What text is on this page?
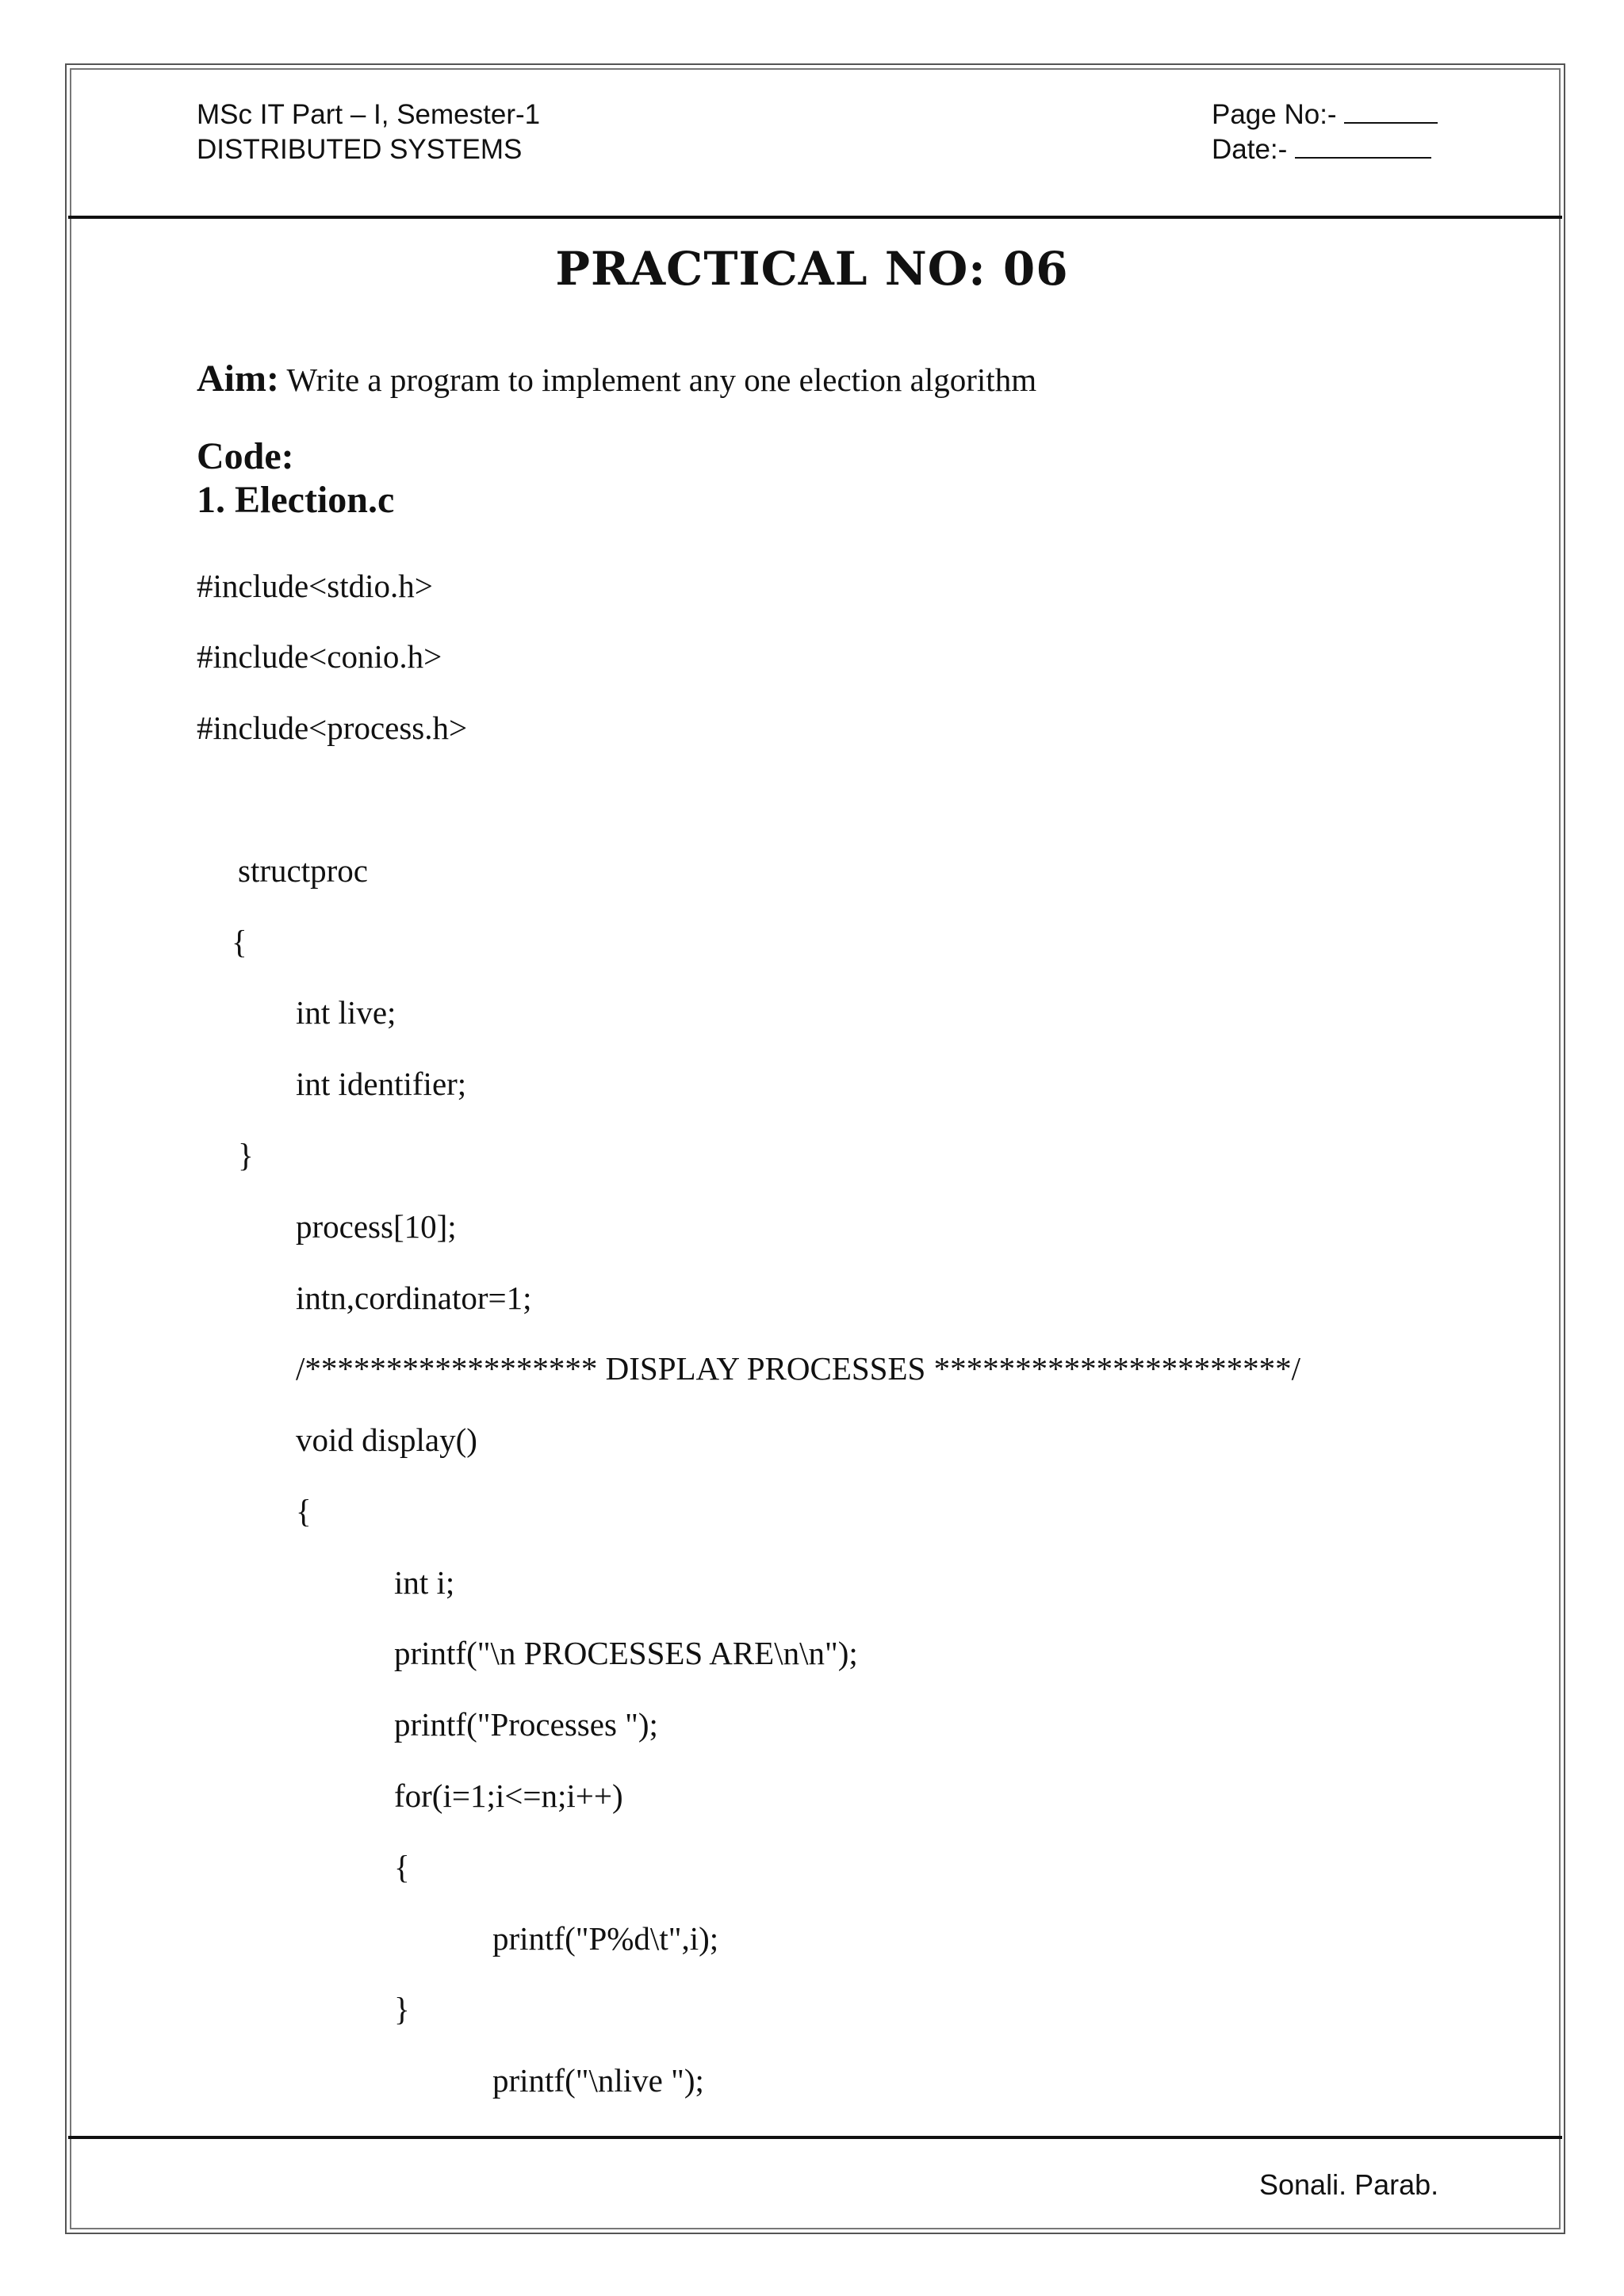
MSc IT Part – I, Semester-1
DISTRIBUTED SYSTEMS
Page No:-
Date:-
PRACTICAL NO: 06
Aim: Write a program to implement any one election algorithm
Code:
1. Election.c
#include<stdio.h>
#include<conio.h>
#include<process.h>
structproc
{
int live;
int identifier;
}
process[10];
intn,cordinator=1;
/****************** DISPLAY PROCESSES **********************/
void display()
{
int i;
printf("\n PROCESSES ARE\n\n");
printf("Processes ");
for(i=1;i<=n;i++)
{
printf("P%d\t",i);
}
printf("\nlive ");
Sonali. Parab.
